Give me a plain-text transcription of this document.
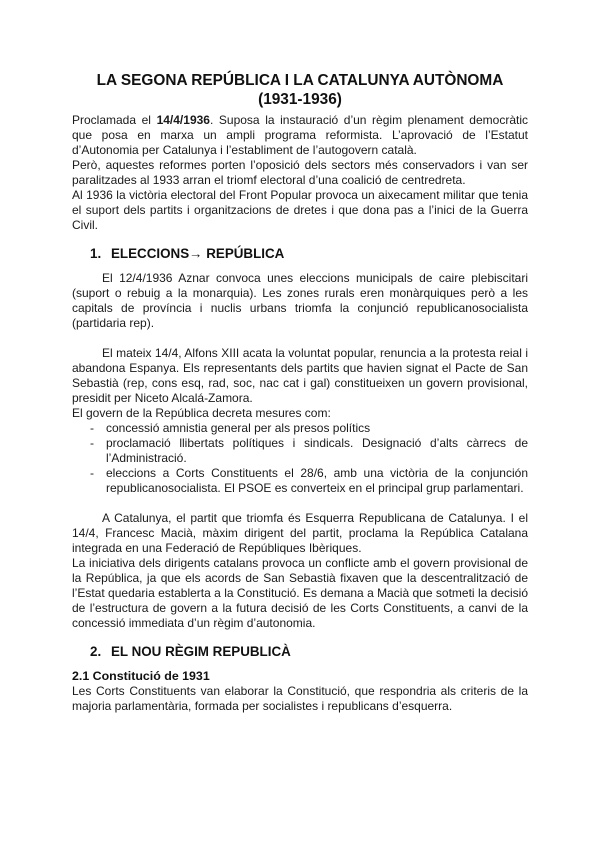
LA SEGONA REPÚBLICA I LA CATALUNYA AUTÒNOMA
(1931-1936)

Proclamada el 14/4/1936. Suposa la instauració d’un règim plenament democràtic que posa en marxa un ampli programa reformista. L’aprovació de l’Estatut d’Autonomia per Catalunya i l’establiment de l’autogovern català.

Però, aquestes reformes porten l’oposició dels sectors més conservadors i van ser paralitzades al 1933 arran el triomf electoral d’una coalició de centredreta.

Al 1936 la victòria electoral del Front Popular provoca un aixecament militar que tenia el suport dels partits i organitzacions de dretes i que dona pas a l’inici de la Guerra Civil.

1. ELECCIONS→ REPÚBLICA

El 12/4/1936 Aznar convoca unes eleccions municipals de caire plebiscitari (suport o rebuig a la monarquia). Les zones rurals eren monàrquiques però a les capitals de província i nuclis urbans triomfa la conjunció republicanosocialista (partidaria rep).

El mateix 14/4, Alfons XIII acata la voluntat popular, renuncia a la protesta reial i abandona Espanya. Els representants dels partits que havien signat el Pacte de San Sebastià (rep, cons esq, rad, soc, nac cat i gal) constitueixen un govern provisional, presidit per Niceto Alcalá-Zamora.

El govern de la República decreta mesures com:

- concessió amnistia general per als presos polítics
- proclamació llibertats polítiques i sindicals. Designació d’alts càrrecs de l’Administració.
- eleccions a Corts Constituents el 28/6, amb una victòria de la conjunción republicanosocialista. El PSOE es converteix en el principal grup parlamentari.

A Catalunya, el partit que triomfa és Esquerra Republicana de Catalunya. I el 14/4, Francesc Macià, màxim dirigent del partit, proclama la República Catalana integrada en una Federació de Repúbliques Ibèriques.

La iniciativa dels dirigents catalans provoca un conflicte amb el govern provisional de la República, ja que els acords de San Sebastià fixaven que la descentralització de l’Estat quedaria establerta a la Constitució. Es demana a Macià que sotmeti la decisió de l’estructura de govern a la futura decisió de les Corts Constituents, a canvi de la concessió immediata d’un règim d’autonomia.

2. EL NOU RÈGIM REPUBLICÀ
2.1 Constitució de 1931

Les Corts Constituents van elaborar la Constitució, que respondria als criteris de la majoria parlamentària, formada per socialistes i republicans d’esquerra.
